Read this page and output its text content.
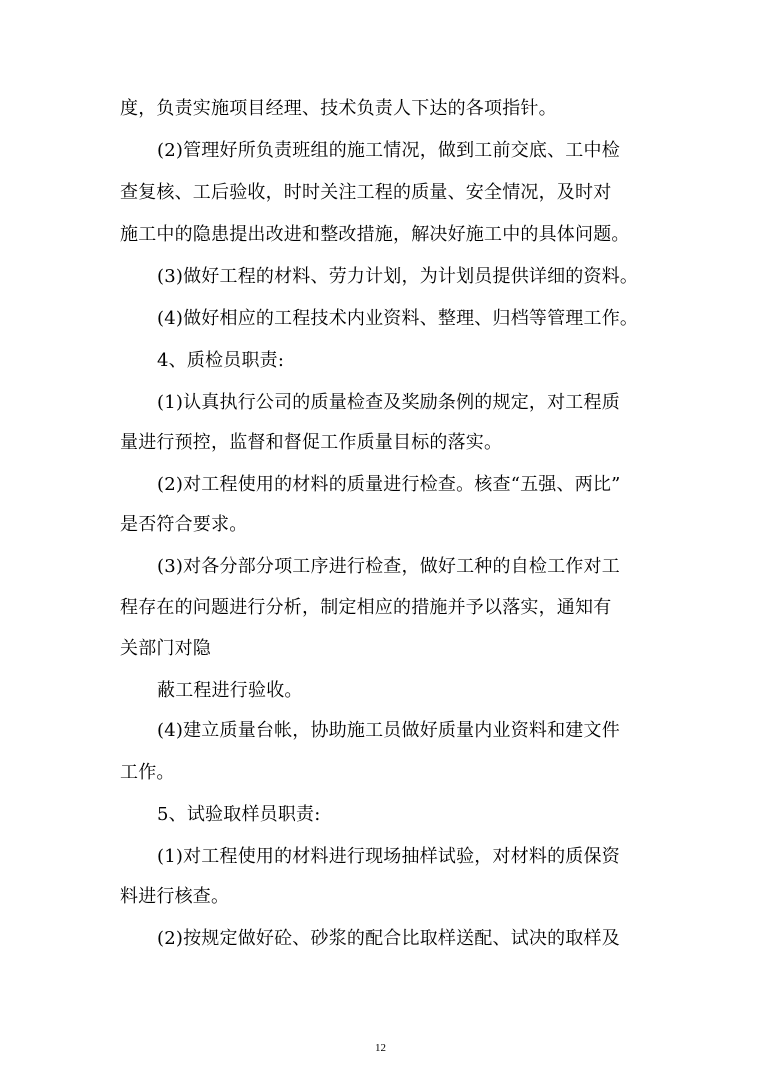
度，负责实施项目经理、技术负责人下达的各项指针。
(2)管理好所负责班组的施工情况，做到工前交底、工中检
查复核、工后验收，时时关注工程的质量、安全情况，及时对
施工中的隐患提出改进和整改措施，解决好施工中的具体问题。
(3)做好工程的材料、劳力计划，为计划员提供详细的资料。
(4)做好相应的工程技术内业资料、整理、归档等管理工作。
4、质检员职责:
(1)认真执行公司的质量检查及奖励条例的规定，对工程质
量进行预控，监督和督促工作质量目标的落实。
(2)对工程使用的材料的质量进行检查。核查“五强、两比”
是否符合要求。
(3)对各分部分项工序进行检查，做好工种的自检工作对工
程存在的问题进行分析，制定相应的措施并予以落实，通知有
关部门对隐
蔽工程进行验收。
(4)建立质量台帐，协助施工员做好质量内业资料和建文件
工作。
5、试验取样员职责:
(1)对工程使用的材料进行现场抽样试验，对材料的质保资
料进行核查。
(2)按规定做好砼、砂浆的配合比取样送配、试决的取样及
12
